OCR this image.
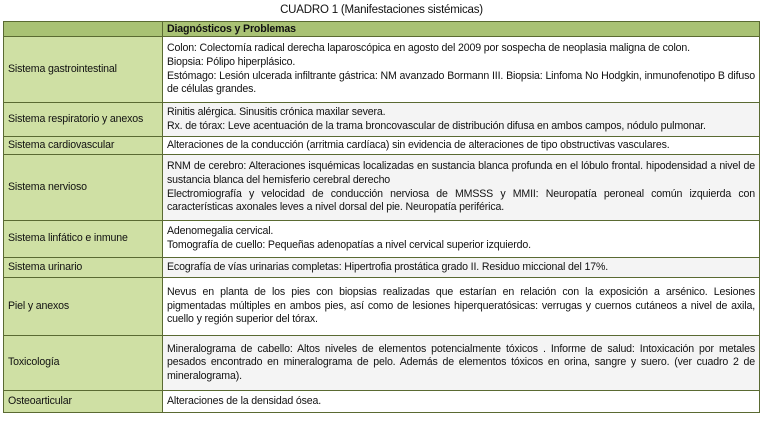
CUADRO 1 (Manifestaciones sistémicas)
	Diagnósticos y Problemas
Sistema gastrointestinal	Colon: Colectomía radical derecha laparoscópica en agosto del 2009 por sospecha de neoplasia maligna de colon.
Biopsia: Pólipo hiperplásico.
Estómago: Lesión ulcerada infiltrante gástrica: NM avanzado Bormann III. Biopsia: Linfoma No Hodgkin, inmunofenotipo B difuso de células grandes.

Sistema respiratorio y anexos	Rinitis alérgica. Sinusitis crónica maxilar severa.
Rx. de tórax: Leve acentuación de la trama broncovascular de distribución difusa en ambos campos, nódulo pulmonar.

Sistema cardiovascular	Alteraciones de la conducción (arritmia cardíaca) sin evidencia de alteraciones de tipo obstructivas vasculares.

Sistema nervioso	RNM de cerebro: Alteraciones isquémicas localizadas en sustancia blanca profunda en el lóbulo frontal. hipodensidad a nivel de sustancia blanca del hemisferio cerebral derecho
Electromiografía y velocidad de conducción nerviosa de MMSSS y MMII: Neuropatía peroneal común izquierda con características axonales leves a nivel dorsal del pie. Neuropatía periférica.

Sistema linfático e inmune	Adenomegalia cervical.
Tomografía de cuello: Pequeñas adenopatías a nivel cervical superior izquierdo.

Sistema urinario	Ecografía de vías urinarias completas: Hipertrofia prostática grado II. Residuo miccional del 17%.

Piel y anexos	Nevus en planta de los pies con biopsias realizadas que estarían en relación con la exposición a arsénico. Lesiones pigmentadas múltiples en ambos pies, así como de lesiones hiperqueratósicas: verrugas y cuernos cutáneos a nivel de axila, cuello y región superior del tórax.

Toxicología	Mineralograma de cabello: Altos niveles de elementos potencialmente tóxicos . Informe de salud: Intoxicación por metales pesados encontrado en mineralograma de pelo. Además de elementos tóxicos en orina, sangre y suero. (ver cuadro 2 de mineralograma).

Osteoarticular	Alteraciones de la densidad ósea.
